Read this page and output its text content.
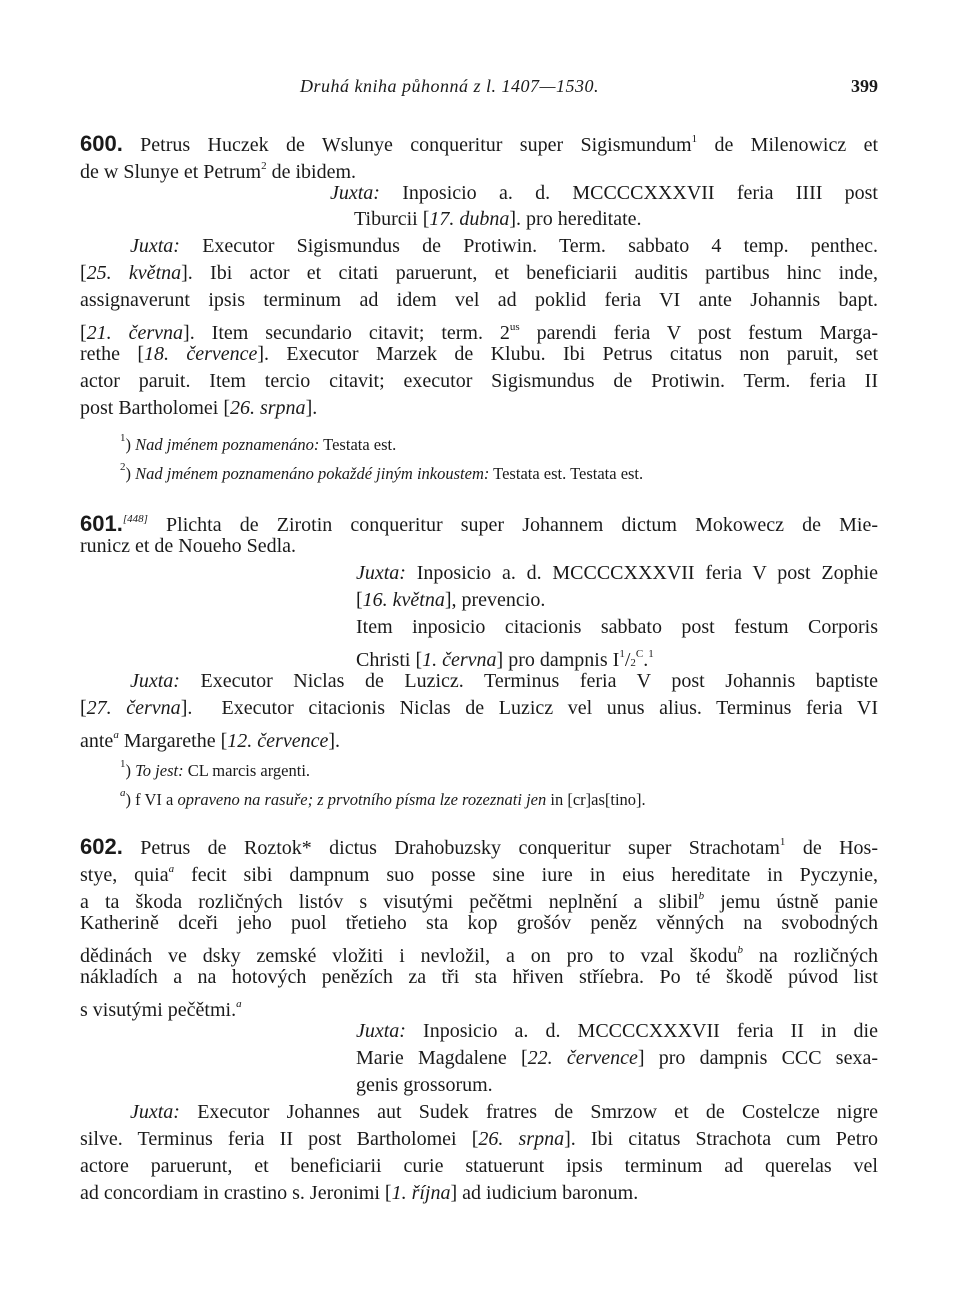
Druhá kniha půhonná z l. 1407—1530.	399
600. Petrus Huczek de Wslunye conqueritur super Sigismundum$^1$ de Milenowicz et
de w Slunye et Petrum$^2$ de ibidem.
Juxta: Inposicio a. d. MCCCCXXXVII feria IIII post
Tiburcii [17. dubna]. pro hereditate.
Juxta: Executor Sigismundus de Protiwin. Term. sabbato 4 temp. penthec.
[25. května]. Ibi actor et citati paruerunt, et beneficiarii auditis partibus hinc inde,
assignaverunt ipsis terminum ad idem vel ad poklid feria VI ante Johannis bapt.
[21. června]. Item secundario citavit; term. $2^{us}$ parendi feria V post festum Marga-
rethe [18. července]. Executor Marzek de Klubu. Ibi Petrus citatus non paruit, set
actor paruit. Item tercio citavit; executor Sigismundus de Protiwin. Term. feria II
post Bartholomei [26. srpna].
$^1$) Nad jménem poznamenáno: Testata est.
$^2$) Nad jménem poznamenáno pokaždé jiným inkoustem: Testata est. Testata est.
601.[448] Plichta de Zirotin conqueritur super Johannem dictum Mokowecz de Mie-
runicz et de Noueho Sedla.
Juxta: Inposicio a. d. MCCCCXXXVII feria V post Zophie
[16. května], prevencio.
Item inposicio citacionis sabbato post festum Corporis
Christi [1. června] pro dampnis $I^1/2^C.^1$
Juxta: Executor Niclas de Luzicz. Terminus feria V post Johannis baptiste
[27. června].  Executor citacionis Niclas de Luzicz vel unus alius. Terminus feria VI
ante$^a$ Margarethe [12. července].
$^1$) To jest: CL marcis argenti.
$^a$) f VI a opraveno na rasuře; z prvotního písma lze rozeznati jen in [cr]as[tino].
602. Petrus de Roztok* dictus Drahobuzsky conqueritur super Strachotam$^1$ de Hos-
stye, quia$^a$ fecit sibi dampnum suo posse sine iure in eius hereditate in Pyczynie,
a ta škoda rozličných listóv s visutými pečětmi neplnění a slibil$^b$ jemu ústně panie
Katherině dceři jeho puol třetieho sta kop grošóv peněz věnných na svobodných
dědinách ve dsky zemské vložiti i nevložil, a on pro to vzal škodu$^b$ na rozličných
nákladích a na hotových penězích za tři sta hřiven stříebra. Po té škodě púvod list
s visutými pečětmi.$^a$
Juxta: Inposicio a. d. MCCCCXXXVII feria II in die
Marie Magdalene [22. července] pro dampnis CCC sexa-
genis grossorum.
Juxta: Executor Johannes aut Sudek fratres de Smrzow et de Costelcze nigre
silve. Terminus feria II post Bartholomei [26. srpna]. Ibi citatus Strachota cum Petro
actore paruerunt, et beneficiarii curie statuerunt ipsis terminum ad querelas vel
ad concordiam in crastino s. Jeronimi [1. října] ad iudicium baronum.
